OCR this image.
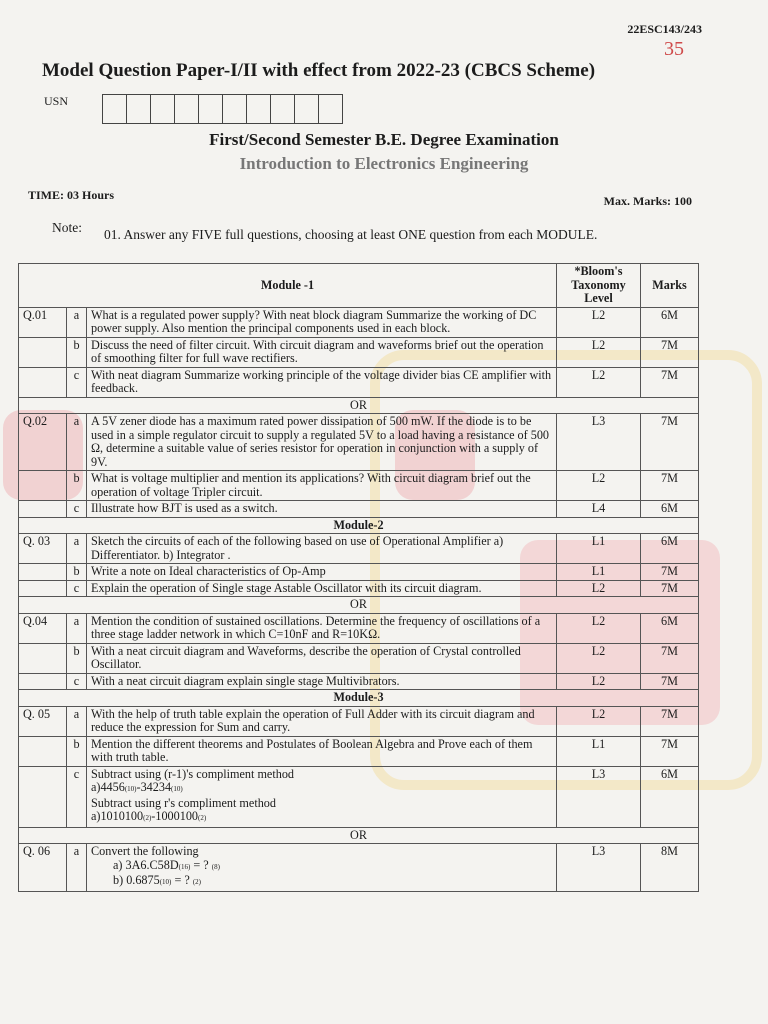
22ESC143/243
35
Model Question Paper-I/II with effect from 2022-23 (CBCS Scheme)
USN
First/Second Semester B.E. Degree Examination
Introduction to Electronics Engineering
TIME: 03 Hours	Max. Marks: 100
Note: 01. Answer any FIVE full questions, choosing at least ONE question from each MODULE.
Module -1			*Bloom's Taxonomy Level	Marks
Q.01	a	What is a regulated power supply? With neat block diagram Summarize the working of DC power supply. Also mention the principal components used in each block.	L2	6M
	b	Discuss the need of filter circuit. With circuit diagram and waveforms brief out the operation of smoothing filter for full wave rectifiers.	L2	7M
	c	With neat diagram Summarize working principle of the voltage divider bias CE amplifier with feedback.	L2	7M
OR				
Q.02	a	A 5V zener diode has a maximum rated power dissipation of 500 mW. If the diode is to be used in a simple regulator circuit to supply a regulated 5V to a load having a resistance of 500 Ω, determine a suitable value of series resistor for operation in conjunction with a supply of 9V.	L3	7M
	b	What is voltage multiplier and mention its applications? With circuit diagram brief out the operation of voltage Tripler circuit.	L2	7M
	c	Illustrate how BJT is used as a switch.	L4	6M
Module-2				
Q. 03	a	Sketch the circuits of each of the following based on use of Operational Amplifier a) Differentiator. b) Integrator .	L1	6M
	b	Write a note on Ideal characteristics of Op-Amp	L1	7M
	c	Explain the operation of Single stage Astable Oscillator with its circuit diagram.	L2	7M
OR				
Q.04	a	Mention the condition of sustained oscillations. Determine the frequency of oscillations of a three stage ladder network in which C=10nF and R=10KΩ.	L2	6M
	b	With a neat circuit diagram and Waveforms, describe the operation of Crystal controlled Oscillator.	L2	7M
	c	With a neat circuit diagram explain single stage Multivibrators.	L2	7M
Module-3				
Q. 05	a	With the help of truth table explain the operation of Full Adder with its circuit diagram and reduce the expression for Sum and carry.	L2	7M
	b	Mention the different theorems and Postulates of Boolean Algebra and Prove each of them with truth table.	L1	7M
	c	Subtract using (r-1)'s compliment method
a)4456(10)-34234(10)
Subtract using r's compliment method
a)1010100(2)-1000100(2)	L3	6M
OR				
Q. 06	a	Convert the following
a) 3A6.C58D(16) = ? (8)
b) 0.6875(10) = ? (2)	L3	8M
